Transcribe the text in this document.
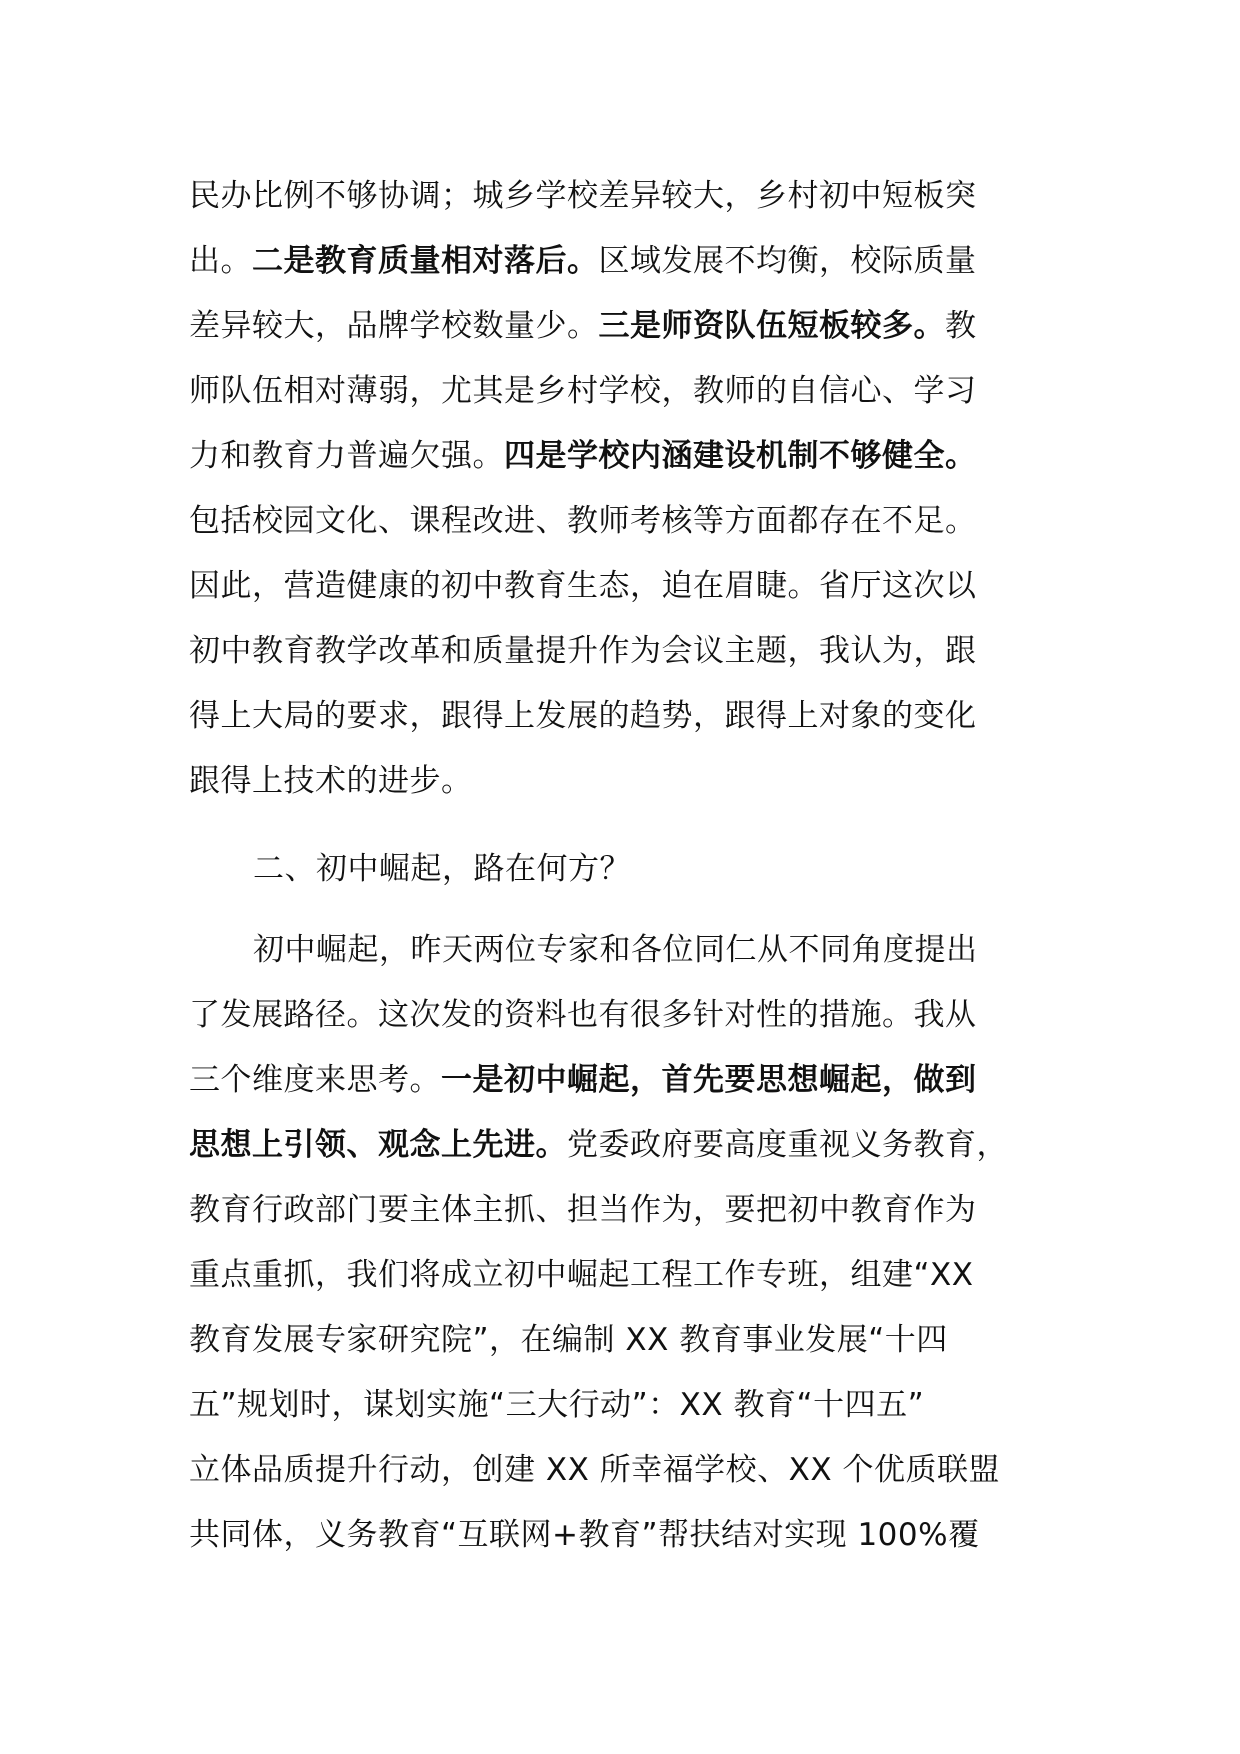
民办比例不够协调；城乡学校差异较大，乡村初中短板突
出。二是教育质量相对落后。区域发展不均衡，校际质量
差异较大，品牌学校数量少。三是师资队伍短板较多。教
师队伍相对薄弱，尤其是乡村学校，教师的自信心、学习
力和教育力普遍欠强。四是学校内涵建设机制不够健全。
包括校园文化、课程改进、教师考核等方面都存在不足。
因此，营造健康的初中教育生态，迫在眉睫。省厅这次以
初中教育教学改革和质量提升作为会议主题，我认为，跟
得上大局的要求，跟得上发展的趋势，跟得上对象的变化
跟得上技术的进步。
二、初中崛起，路在何方？
初中崛起，昨天两位专家和各位同仁从不同角度提出
了发展路径。这次发的资料也有很多针对性的措施。我从
三个维度来思考。一是初中崛起，首先要思想崛起，做到
思想上引领、观念上先进。党委政府要高度重视义务教育，
教育行政部门要主体主抓、担当作为，要把初中教育作为
重点重抓，我们将成立初中崛起工程工作专班，组建“XX
教育发展专家研究院”，在编制 XX 教育事业发展“十四
五”规划时，谋划实施“三大行动”：XX 教育“十四五”
立体品质提升行动，创建 XX 所幸福学校、XX 个优质联盟
共同体，义务教育“互联网+教育”帮扶结对实现 100%覆
